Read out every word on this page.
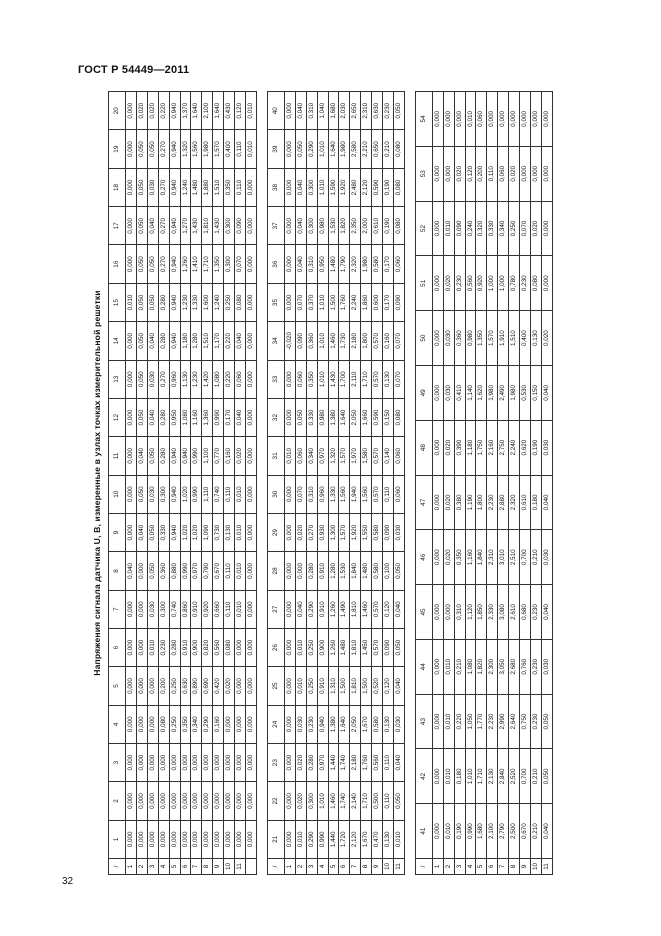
ГОСТ Р 54449—2011
Напряжения сигнала датчика U, B, измеренные в узлах точках измерительной решетки
/	1	2	3	4	5	6	7	8	9	10	11	12	13	14	15	16	17	18	19	20
1	0,000	0,000	0,000	0,000	0,000	0,000	0,000	0,040	0,000	0,000	0,000	0,000	0,000	0,000	0,010	0,000	0,000	0,000	0,000	0,000
2	0,000	0,000	0,000	0,000	0,000	0,000	0,000	0,000	0,040	0,050	0,040	0,050	0,050	0,050	0,050	0,050	0,050	0,050	0,050	0,020
3	0,000	0,000	0,000	0,000	0,000	0,010	0,030	0,050	0,050	0,030	0,050	0,040	0,030	0,040	0,050	0,050	0,040	0,030	0,050	0,020
4	0,000	0,000	0,000	0,080	0,200	0,230	0,300	0,360	0,330	0,300	0,280	0,280	0,270	0,280	0,280	0,270	0,270	0,270	0,270	0,220
5	0,000	0,000	0,000	0,250	0,250	0,280	0,740	0,880	0,940	0,940	0,940	0,950	0,960	0,940	0,940	0,940	0,940	0,940	0,940	0,940
6	0,000	0,000	0,000	0,350	0,630	0,910	0,860	0,990	1,020	1,020	0,940	1,080	1,130	1,180	1,230	1,260	1,270	1,240	1,320	1,370
7	0,000	0,000	0,000	0,340	0,890	0,900	0,910	0,970	1,020	0,990	0,990	1,160	1,230	1,280	1,330	1,410	1,430	1,480	1,560	1,640
8	0,000	0,000	0,000	0,290	0,690	0,820	0,920	0,790	1,090	1,110	1,100	1,360	1,420	1,510	1,600	1,710	1,810	1,880	1,980	2,100
9	0,000	0,000	0,000	0,160	0,420	0,560	0,660	0,670	0,730	0,740	0,770	0,990	1,080	1,170	1,240	1,350	1,430	1,510	1,570	1,640
10	0,000	0,000	0,000	0,000	0,020	0,080	0,110	0,110	0,130	0,110	0,160	0,170	0,220	0,220	0,250	0,300	0,300	0,350	0,400	0,430
11	0,000	0,000	0,000	0,000	0,000	0,000	0,010	0,010	0,010	0,010	0,020	0,040	0,060	0,040	0,080	0,070	0,090	0,110	0,110	0,120
	0,000	0,000	0,000	0,000	0,000	0,000	0,000	0,000	0,000	0,000	0,000	0,000	0,000	0,000	0,000	0,000	0,000	0,000	0,010	0,010
/	21	22	23	24	25	26	27	28	29	30	31	32	33	34	35	36	37	38	39	40
1	0,000	0,000	0,000	0,000	0,000	0,000	0,000	0,000	0,000	0,000	0,010	0,000	0,000	-0,020	0,000	0,000	0,000	0,000	0,000	0,000
2	0,010	0,020	0,020	0,030	0,010	0,010	0,040	0,000	0,020	0,070	0,060	0,050	0,060	0,090	0,070	0,040	0,040	0,040	0,050	0,040
3	0,290	0,300	0,280	0,230	0,250	0,250	0,290	0,280	0,270	0,310	0,340	0,330	0,350	0,360	0,370	0,310	0,300	0,300	0,290	0,310
4	0,990	1,010	0,970	0,940	0,910	0,900	0,910	0,910	0,930	0,960	0,970	0,980	1,010	1,010	1,010	0,950	0,980	1,010	1,010	1,040
5	1,440	1,460	1,440	1,380	1,310	1,260	1,260	1,280	1,300	1,330	1,320	1,380	1,430	1,460	1,500	1,480	1,530	1,590	1,640	1,680
6	1,720	1,740	1,740	1,640	1,500	1,480	1,490	1,530	1,570	1,560	1,570	1,640	1,700	1,730	1,760	1,790	1,820	1,920	1,980	2,030
7	2,120	2,140	2,180	2,050	1,810	1,810	1,810	1,840	1,920	1,940	1,970	2,050	2,110	2,180	2,240	2,320	2,350	2,480	2,580	2,650
8	1,670	1,710	1,760	1,670	1,500	1,450	1,460	1,480	1,550	1,560	1,580	1,660	1,710	1,800	1,860	1,980	2,000	2,120	2,210	2,310
9	0,470	0,500	0,560	0,580	0,520	0,570	0,570	0,580	0,580	0,570	0,570	0,590	0,570	0,570	0,600	0,580	0,610	0,590	0,650	0,630
10	0,130	0,110	0,110	0,130	0,120	0,090	0,120	0,100	0,090	0,110	0,140	0,150	0,130	0,160	0,170	0,170	0,190	0,190	0,210	0,230
11	0,010	0,050	0,040	0,030	0,040	0,050	0,040	0,050	0,030	0,060	0,060	0,080	0,070	0,070	0,090	0,060	0,080	0,080	0,080	0,050
/	41	42	43	44	45	46	47	48	49	50	51	52	53	54
1	0,000	0,000	0,000	0,000	0,000	0,000	0,000	0,000	0,000	0,000	0,000	0,000	0,000	0,000
2	0,010	0,010	0,010	0,010	0,000	0,020	0,020	0,020	0,030	0,030	0,020	0,010	0,000	0,000
3	0,190	0,180	0,220	0,210	0,310	0,350	0,380	0,390	0,410	0,360	0,230	0,090	0,020	0,000
4	0,990	1,010	1,050	1,080	1,120	1,160	1,190	1,180	1,140	0,980	0,560	0,240	0,120	0,010
5	1,680	1,710	1,770	1,820	1,850	1,840	1,800	1,750	1,620	1,350	0,920	0,320	0,200	0,060
6	2,100	2,130	2,230	2,300	2,330	2,310	2,230	2,160	1,980	1,570	1,000	0,330	0,110	0,000
7	2,790	2,840	2,990	3,050	3,080	3,010	2,880	2,750	2,490	1,910	1,000	0,340	0,060	0,000
8	2,500	2,520	2,640	2,680	2,610	2,510	2,320	2,240	1,980	1,510	0,780	0,250	0,020	0,000
9	0,670	0,700	0,750	0,760	0,680	0,700	0,610	0,620	0,530	0,400	0,230	0,070	0,000	0,000
10	0,210	0,210	0,230	0,230	0,230	0,210	0,180	0,190	0,150	0,130	0,080	0,020	0,000	0,000
11	0,040	0,050	0,050	0,030	0,040	0,030	0,040	0,030	0,040	0,020	0,000	0,000	0,000	0,000
32
